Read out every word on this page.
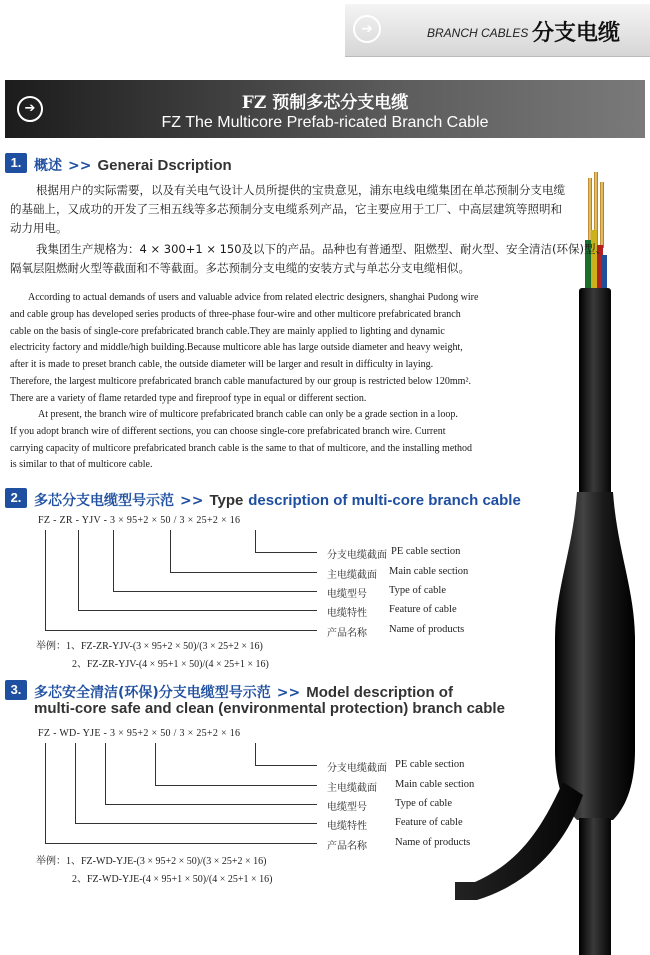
➔	BRANCH CABLES 分支电缆
➔	FZ 预制多芯分支电缆
FZ The Multicore Prefab-ricated Branch Cable
1. 概述 >> Generai Dscription
根据用户的实际需要，以及有关电气设计人员所提供的宝贵意见，浦东电线电缆集团在单芯预制分支电缆
的基础上，又成功的开发了三相五线等多芯预制分支电缆系列产品，它主要应用于工厂、中高层建筑等照明和
动力用电。
我集团生产规格为：4 × 300+1 × 150及以下的产品。品种也有普通型、阻燃型、耐火型、安全清洁(环保)型、
隔氧层阻燃耐火型等截面和不等截面。多芯预制分支电缆的安装方式与单芯分支电缆相似。
According to actual demands of users and valuable advice from related electric designers, shanghai Pudong wire
and cable group has developed series products of three-phase four-wire and other multicore prefabricated branch
cable on the basis of single-core prefabricated branch cable.They are mainly applied to lighting and dynamic
electricity factory and middle/high building.Because multicore able has large outside diameter and heavy weight,
after it is made to preset branch cable, the outside diameter will be larger and result in difficulty in laying.
Therefore, the largest multicore prefabricated branch cable manufactured by our group is restricted below 120mm².
There are a variety of flame retarded type and fireproof type in equal or different section.
At present, the branch wire of multicore prefabricated branch cable can only be a grade section in a loop.
If you adopt branch wire of different sections, you can choose single-core prefabricated branch wire. Current
carrying capacity of multicore prefabricated branch cable is the same to that of multicore, and the installing method
is similar to that of multicore cable.
2. 多芯分支电缆型号示范 >> Type description of multi-core branch cable
FZ - ZR - YJV - 3 × 95+2 × 50 / 3 × 25+2 × 16
分支电缆截面 PE cable section
主电缆截面 Main cable section
电缆型号 Type of cable
电缆特性 Feature of cable
产品名称 Name of products
举例：1、FZ-ZR-YJV-(3 × 95+2 × 50)/(3 × 25+2 × 16)
2、FZ-ZR-YJV-(4 × 95+1 × 50)/(4 × 25+1 × 16)
3. 多芯安全清洁(环保)分支电缆型号示范 >> Model description of
multi-core safe and clean (environmental protection) branch cable
FZ - WD- YJE - 3 × 95+2 × 50 / 3 × 25+2 × 16
分支电缆截面 PE cable section
主电缆截面 Main cable section
电缆型号	Type of cable
电缆特性	Feature of cable
产品名称	Name of products
举例：1、FZ-WD-YJE-(3 × 95+2 × 50)/(3 × 25+2 × 16)
2、FZ-WD-YJE-(4 × 95+1 × 50)/(4 × 25+1 × 16)
